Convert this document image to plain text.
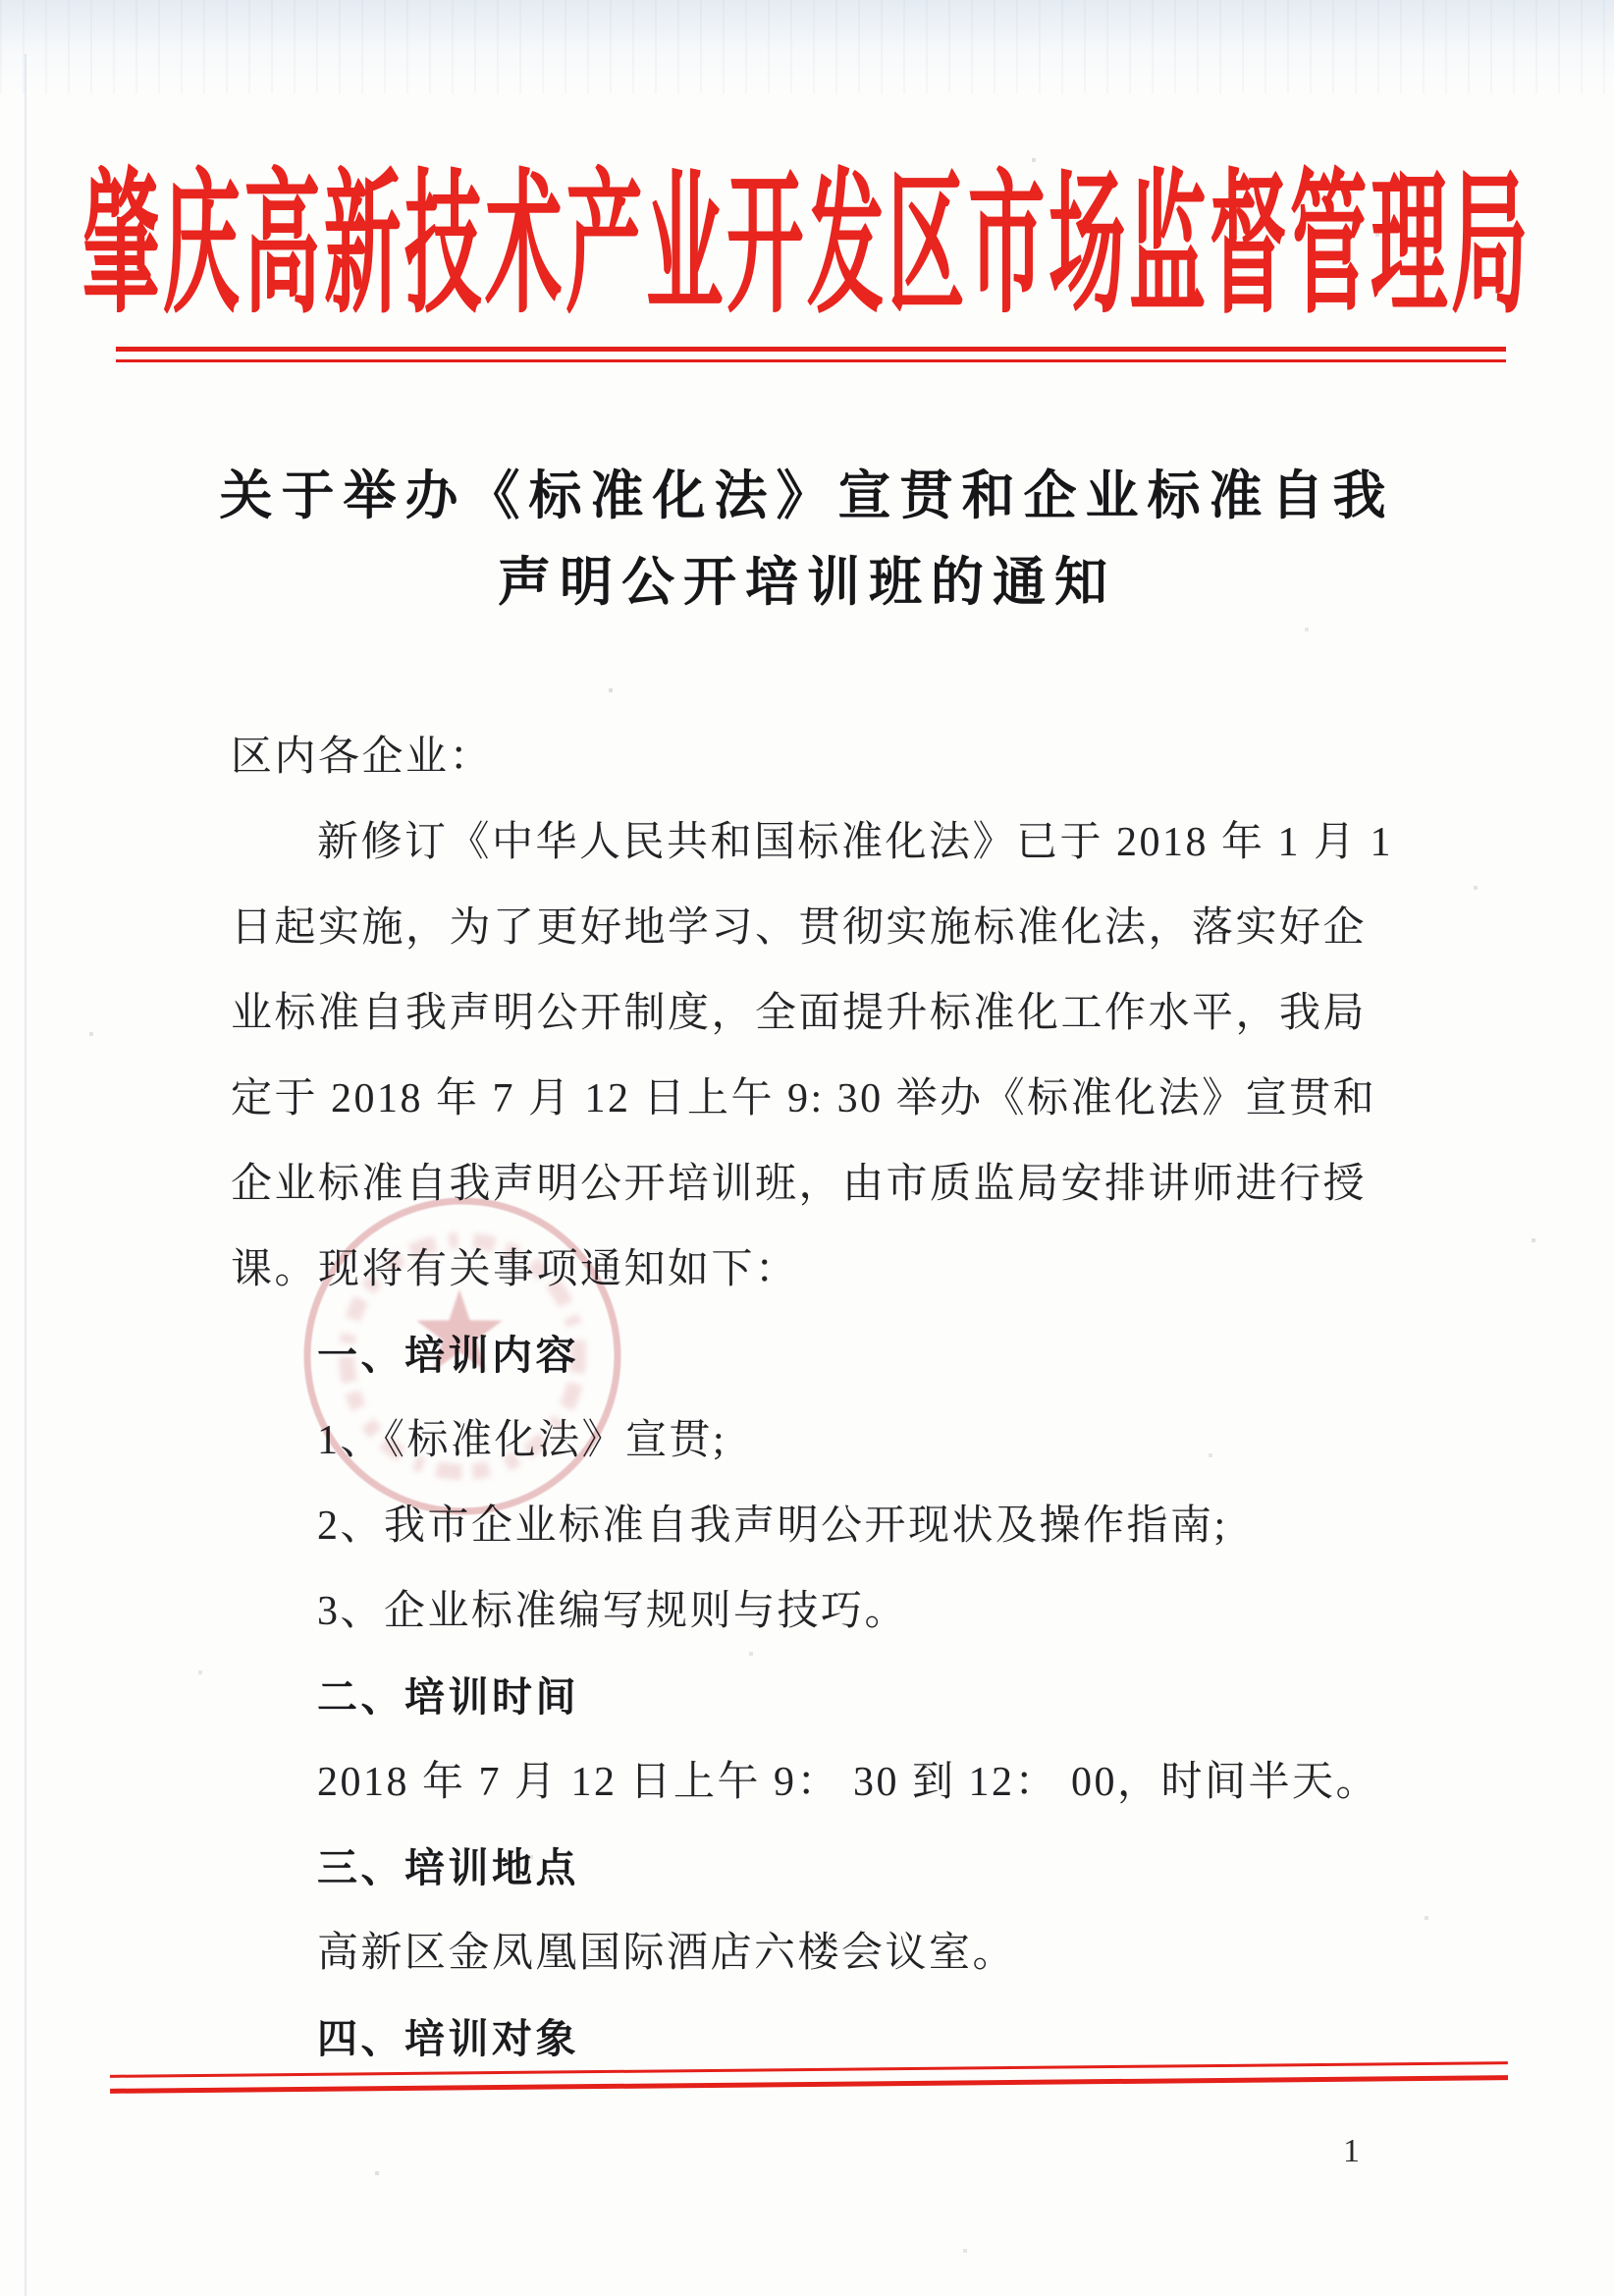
肇庆高新技术产业开发区市场监督管理局
关于举办《标准化法》宣贯和企业标准自我
声明公开培训班的通知
区内各企业：
新修订《中华人民共和国标准化法》已于 2018 年 1 月 1
日起实施，为了更好地学习、贯彻实施标准化法，落实好企
业标准自我声明公开制度，全面提升标准化工作水平，我局
定于 2018 年 7 月 12 日上午 9: 30 举办《标准化法》宣贯和
企业标准自我声明公开培训班，由市质监局安排讲师进行授
课。现将有关事项通知如下：
一、培训内容
1、《标准化法》宣贯;
2、我市企业标准自我声明公开现状及操作指南;
3、企业标准编写规则与技巧。
二、培训时间
2018 年 7 月 12 日上午 9： 30 到 12： 00，时间半天。
三、培训地点
高新区金凤凰国际酒店六楼会议室。
四、培训对象
1
